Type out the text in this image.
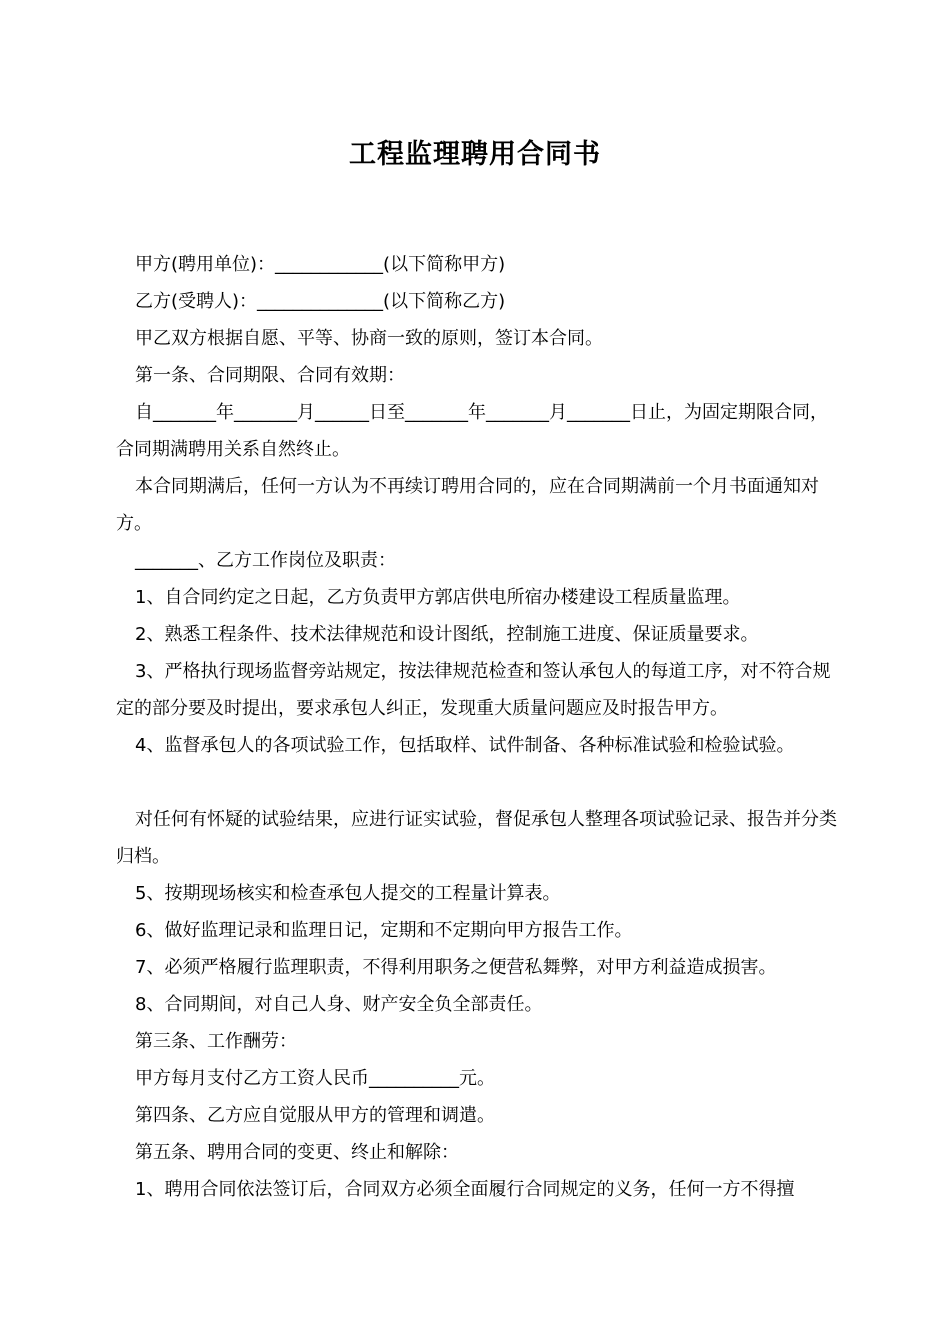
工程监理聘用合同书

甲方(聘用单位)：____________(以下简称甲方)

乙方(受聘人)：______________(以下简称乙方)

甲乙双方根据自愿、平等、协商一致的原则，签订本合同。

第一条、合同期限、合同有效期：

自_______年_______月______日至_______年_______月_______日止，为固定期限合同，合同期满聘用关系自然终止。

本合同期满后，任何一方认为不再续订聘用合同的，应在合同期满前一个月书面通知对方。

_______、乙方工作岗位及职责：

1、自合同约定之日起，乙方负责甲方郭店供电所宿办楼建设工程质量监理。

2、熟悉工程条件、技术法律规范和设计图纸，控制施工进度、保证质量要求。

3、严格执行现场监督旁站规定，按法律规范检查和签认承包人的每道工序，对不符合规定的部分要及时提出，要求承包人纠正，发现重大质量问题应及时报告甲方。

4、监督承包人的各项试验工作，包括取样、试件制备、各种标准试验和检验试验。

对任何有怀疑的试验结果，应进行证实试验，督促承包人整理各项试验记录、报告并分类归档。

5、按期现场核实和检查承包人提交的工程量计算表。

6、做好监理记录和监理日记，定期和不定期向甲方报告工作。

7、必须严格履行监理职责，不得利用职务之便营私舞弊，对甲方利益造成损害。

8、合同期间，对自己人身、财产安全负全部责任。

第三条、工作酬劳：

甲方每月支付乙方工资人民币__________元。

第四条、乙方应自觉服从甲方的管理和调遣。

第五条、聘用合同的变更、终止和解除：

1、聘用合同依法签订后，合同双方必须全面履行合同规定的义务，任何一方不得擅
